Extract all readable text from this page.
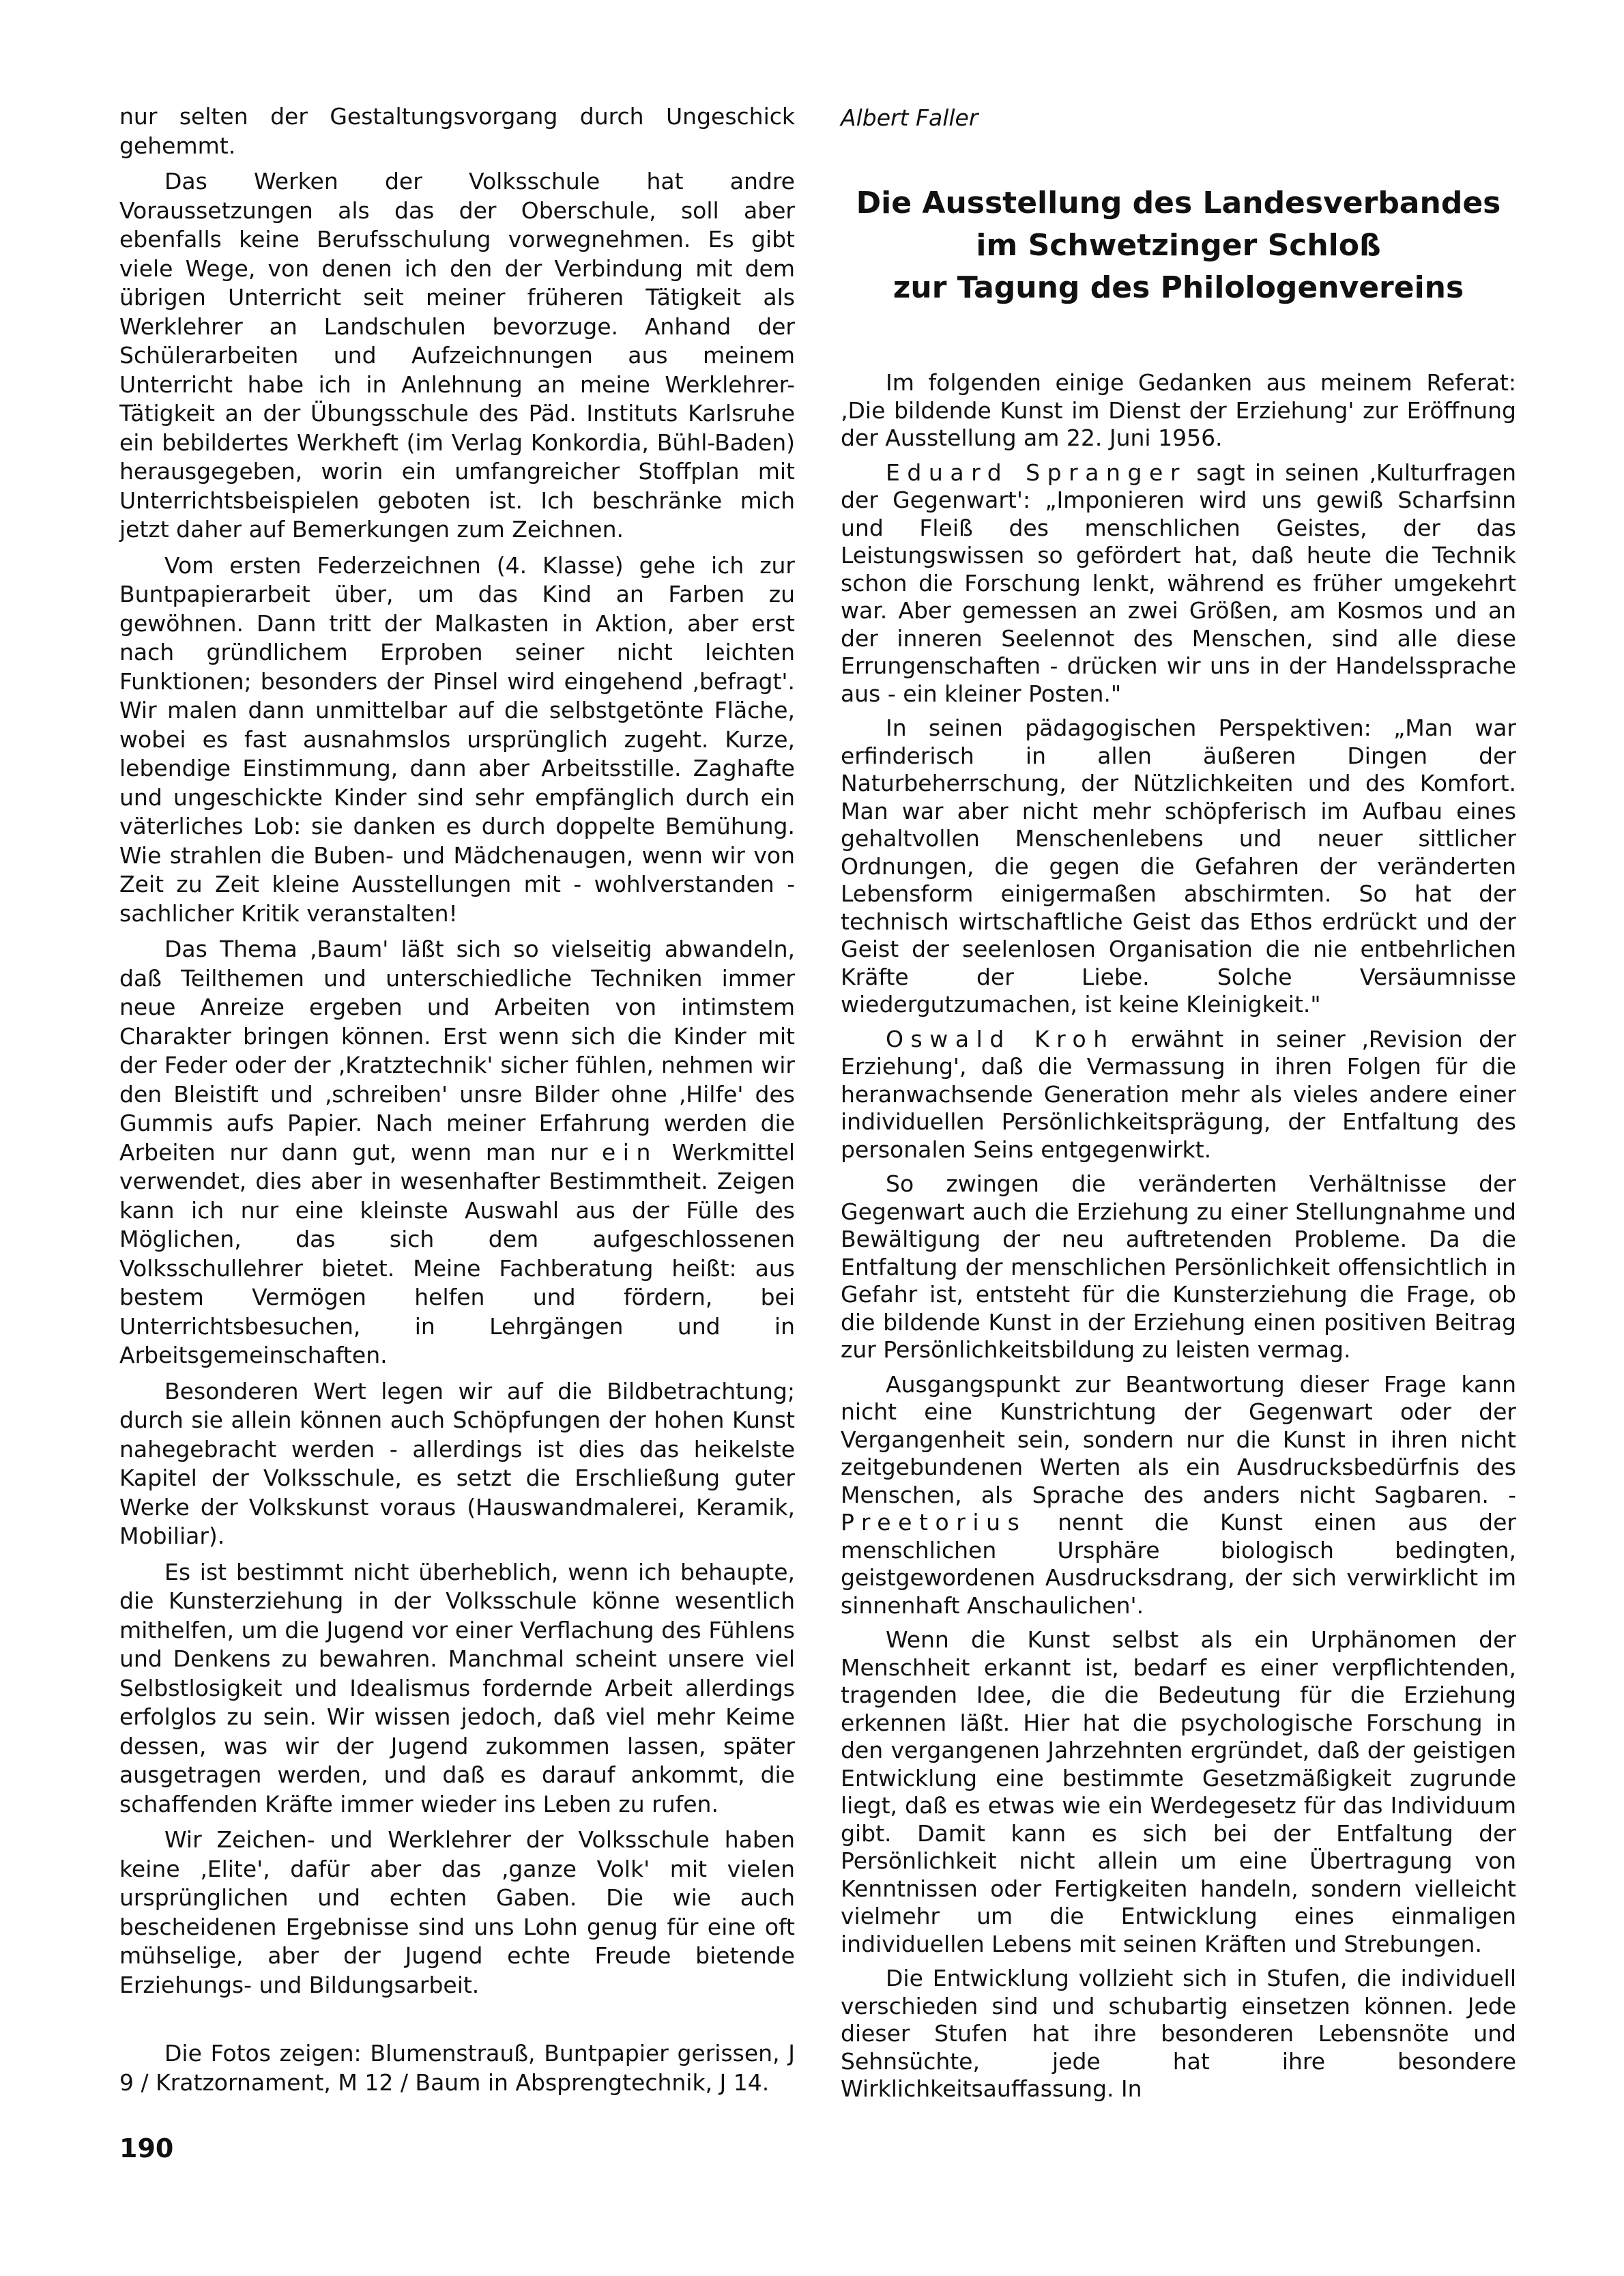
nur selten der Gestaltungsvorgang durch Ungeschick gehemmt.

Das Werken der Volksschule hat andre Voraussetzungen als das der Oberschule, soll aber ebenfalls keine Berufsschulung vorwegnehmen. Es gibt viele Wege, von denen ich den der Verbindung mit dem übrigen Unterricht seit meiner früheren Tätigkeit als Werklehrer an Landschulen bevorzuge. Anhand der Schülerarbeiten und Aufzeichnungen aus meinem Unterricht habe ich in Anlehnung an meine Werklehrer-Tätigkeit an der Übungsschule des Päd. Instituts Karlsruhe ein bebildertes Werkheft (im Verlag Konkordia, Bühl-Baden) herausgegeben, worin ein umfangreicher Stoffplan mit Unterrichtsbeispielen geboten ist. Ich beschränke mich jetzt daher auf Bemerkungen zum Zeichnen.

Vom ersten Federzeichnen (4. Klasse) gehe ich zur Buntpapierarbeit über, um das Kind an Farben zu gewöhnen. Dann tritt der Malkasten in Aktion, aber erst nach gründlichem Erproben seiner nicht leichten Funktionen; besonders der Pinsel wird eingehend ‚befragt'. Wir malen dann unmittelbar auf die selbstgetönte Fläche, wobei es fast ausnahmslos ursprünglich zugeht. Kurze, lebendige Einstimmung, dann aber Arbeitsstille. Zaghafte und ungeschickte Kinder sind sehr empfänglich durch ein väterliches Lob: sie danken es durch doppelte Bemühung. Wie strahlen die Buben- und Mädchenaugen, wenn wir von Zeit zu Zeit kleine Ausstellungen mit - wohlverstanden - sachlicher Kritik veranstalten!

Das Thema ‚Baum' läßt sich so vielseitig abwandeln, daß Teilthemen und unterschiedliche Techniken immer neue Anreize ergeben und Arbeiten von intimstem Charakter bringen können. Erst wenn sich die Kinder mit der Feder oder der ‚Kratztechnik' sicher fühlen, nehmen wir den Bleistift und ‚schreiben' unsre Bilder ohne ‚Hilfe' des Gummis aufs Papier. Nach meiner Erfahrung werden die Arbeiten nur dann gut, wenn man nur ein Werkmittel verwendet, dies aber in wesenhafter Bestimmtheit. Zeigen kann ich nur eine kleinste Auswahl aus der Fülle des Möglichen, das sich dem aufgeschlossenen Volksschullehrer bietet. Meine Fachberatung heißt: aus bestem Vermögen helfen und fördern, bei Unterrichtsbesuchen, in Lehrgängen und in Arbeitsgemeinschaften.

Besonderen Wert legen wir auf die Bildbetrachtung; durch sie allein können auch Schöpfungen der hohen Kunst nahegebracht werden - allerdings ist dies das heikelste Kapitel der Volksschule, es setzt die Erschließung guter Werke der Volkskunst voraus (Hauswandmalerei, Keramik, Mobiliar).

Es ist bestimmt nicht überheblich, wenn ich behaupte, die Kunsterziehung in der Volksschule könne wesentlich mithelfen, um die Jugend vor einer Verflachung des Fühlens und Denkens zu bewahren. Manchmal scheint unsere viel Selbstlosigkeit und Idealismus fordernde Arbeit allerdings erfolglos zu sein. Wir wissen jedoch, daß viel mehr Keime dessen, was wir der Jugend zukommen lassen, später ausgetragen werden, und daß es darauf ankommt, die schaffenden Kräfte immer wieder ins Leben zu rufen.

Wir Zeichen- und Werklehrer der Volksschule haben keine ‚Elite', dafür aber das ‚ganze Volk' mit vielen ursprünglichen und echten Gaben. Die wie auch bescheidenen Ergebnisse sind uns Lohn genug für eine oft mühselige, aber der Jugend echte Freude bietende Erziehungs- und Bildungsarbeit.

Die Fotos zeigen: Blumenstrauß, Buntpapier gerissen, J 9 / Kratzornament, M 12 / Baum in Absprengtechnik, J 14.

Albert Faller
Die Ausstellung des Landesverbandes
im Schwetzinger Schloß
zur Tagung des Philologenvereins

Im folgenden einige Gedanken aus meinem Referat: ‚Die bildende Kunst im Dienst der Erziehung' zur Eröffnung der Ausstellung am 22. Juni 1956.

Eduard Spranger sagt in seinen ‚Kulturfragen der Gegenwart': „Imponieren wird uns gewiß Scharfsinn und Fleiß des menschlichen Geistes, der das Leistungswissen so gefördert hat, daß heute die Technik schon die Forschung lenkt, während es früher umgekehrt war. Aber gemessen an zwei Größen, am Kosmos und an der inneren Seelennot des Menschen, sind alle diese Errungenschaften - drücken wir uns in der Handelssprache aus - ein kleiner Posten."

In seinen pädagogischen Perspektiven: „Man war erfinderisch in allen äußeren Dingen der Naturbeherrschung, der Nützlichkeiten und des Komfort. Man war aber nicht mehr schöpferisch im Aufbau eines gehaltvollen Menschenlebens und neuer sittlicher Ordnungen, die gegen die Gefahren der veränderten Lebensform einigermaßen abschirmten. So hat der technisch wirtschaftliche Geist das Ethos erdrückt und der Geist der seelenlosen Organisation die nie entbehrlichen Kräfte der Liebe. Solche Versäumnisse wiedergutzumachen, ist keine Kleinigkeit."

Oswald Kroh erwähnt in seiner ‚Revision der Erziehung', daß die Vermassung in ihren Folgen für die heranwachsende Generation mehr als vieles andere einer individuellen Persönlichkeitsprägung, der Entfaltung des personalen Seins entgegenwirkt.

So zwingen die veränderten Verhältnisse der Gegenwart auch die Erziehung zu einer Stellungnahme und Bewältigung der neu auftretenden Probleme. Da die Entfaltung der menschlichen Persönlichkeit offensichtlich in Gefahr ist, entsteht für die Kunsterziehung die Frage, ob die bildende Kunst in der Erziehung einen positiven Beitrag zur Persönlichkeitsbildung zu leisten vermag.

Ausgangspunkt zur Beantwortung dieser Frage kann nicht eine Kunstrichtung der Gegenwart oder der Vergangenheit sein, sondern nur die Kunst in ihren nicht zeitgebundenen Werten als ein Ausdrucksbedürfnis des Menschen, als Sprache des anders nicht Sagbaren. - Preetorius nennt die Kunst einen aus der menschlichen Ursphäre biologisch bedingten, geistgewordenen Ausdrucksdrang, der sich verwirklicht im sinnenhaft Anschaulichen'.

Wenn die Kunst selbst als ein Urphänomen der Menschheit erkannt ist, bedarf es einer verpflichtenden, tragenden Idee, die die Bedeutung für die Erziehung erkennen läßt. Hier hat die psychologische Forschung in den vergangenen Jahrzehnten ergründet, daß der geistigen Entwicklung eine bestimmte Gesetzmäßigkeit zugrunde liegt, daß es etwas wie ein Werdegesetz für das Individuum gibt. Damit kann es sich bei der Entfaltung der Persönlichkeit nicht allein um eine Übertragung von Kenntnissen oder Fertigkeiten handeln, sondern vielleicht vielmehr um die Entwicklung eines einmaligen individuellen Lebens mit seinen Kräften und Strebungen.

Die Entwicklung vollzieht sich in Stufen, die individuell verschieden sind und schubartig einsetzen können. Jede dieser Stufen hat ihre besonderen Lebensnöte und Sehnsüchte, jede hat ihre besondere Wirklichkeitsauffassung. In

190
